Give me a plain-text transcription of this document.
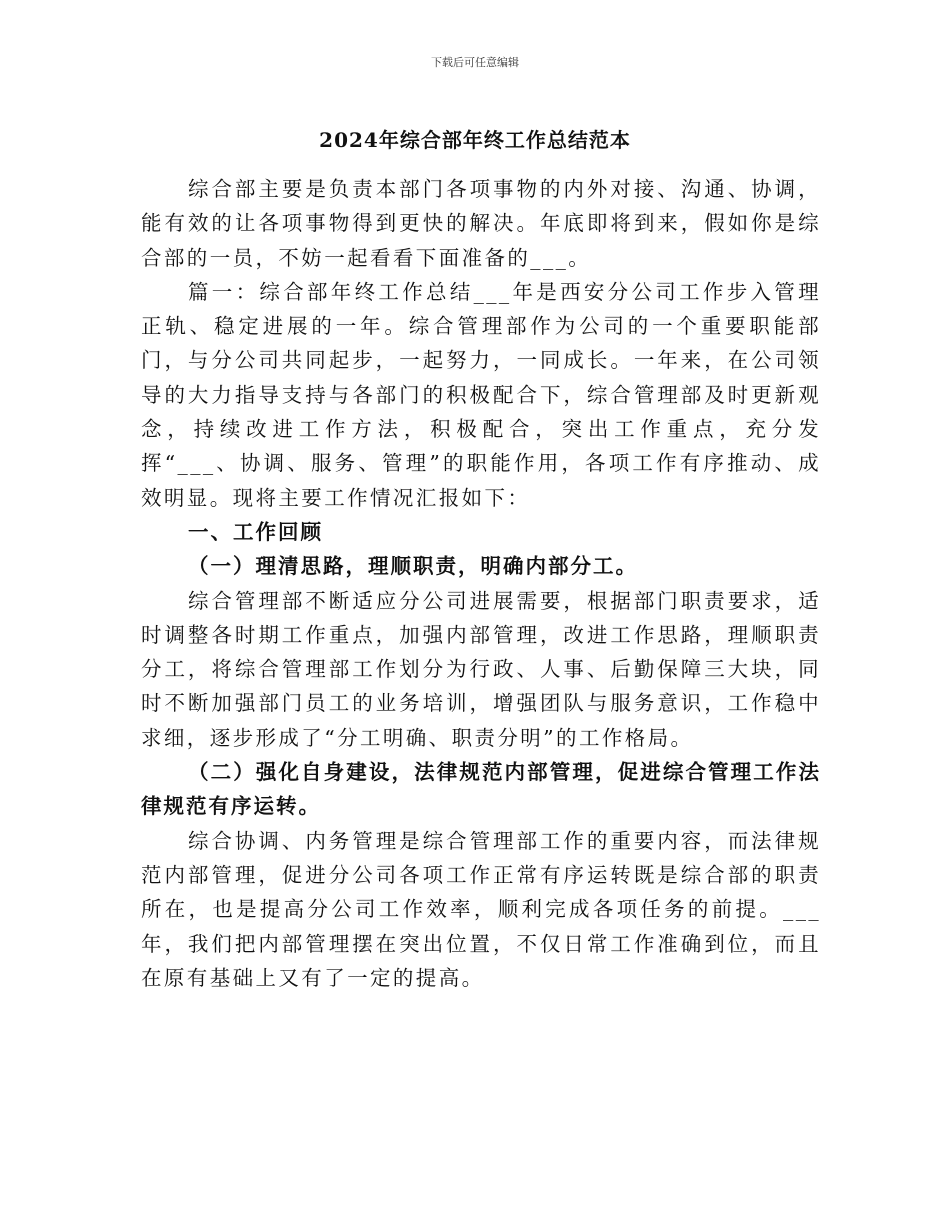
下载后可任意编辑
2024年综合部年终工作总结范本

综合部主要是负责本部门各项事物的内外对接、沟通、协调，能有效的让各项事物得到更快的解决。年底即将到来，假如你是综合部的一员，不妨一起看看下面准备的___。

篇一：综合部年终工作总结___年是西安分公司工作步入管理正轨、稳定进展的一年。综合管理部作为公司的一个重要职能部门，与分公司共同起步，一起努力，一同成长。一年来，在公司领导的大力指导支持与各部门的积极配合下，综合管理部及时更新观念，持续改进工作方法，积极配合，突出工作重点，充分发挥“___、协调、服务、管理”的职能作用，各项工作有序推动、成效明显。现将主要工作情况汇报如下：

一、工作回顾

（一）理清思路，理顺职责，明确内部分工。

综合管理部不断适应分公司进展需要，根据部门职责要求，适时调整各时期工作重点，加强内部管理，改进工作思路，理顺职责分工，将综合管理部工作划分为行政、人事、后勤保障三大块，同时不断加强部门员工的业务培训，增强团队与服务意识，工作稳中求细，逐步形成了“分工明确、职责分明”的工作格局。

（二）强化自身建设，法律规范内部管理，促进综合管理工作法律规范有序运转。

综合协调、内务管理是综合管理部工作的重要内容，而法律规范内部管理，促进分公司各项工作正常有序运转既是综合部的职责所在，也是提高分公司工作效率，顺利完成各项任务的前提。___年，我们把内部管理摆在突出位置，不仅日常工作准确到位，而且在原有基础上又有了一定的提高。
